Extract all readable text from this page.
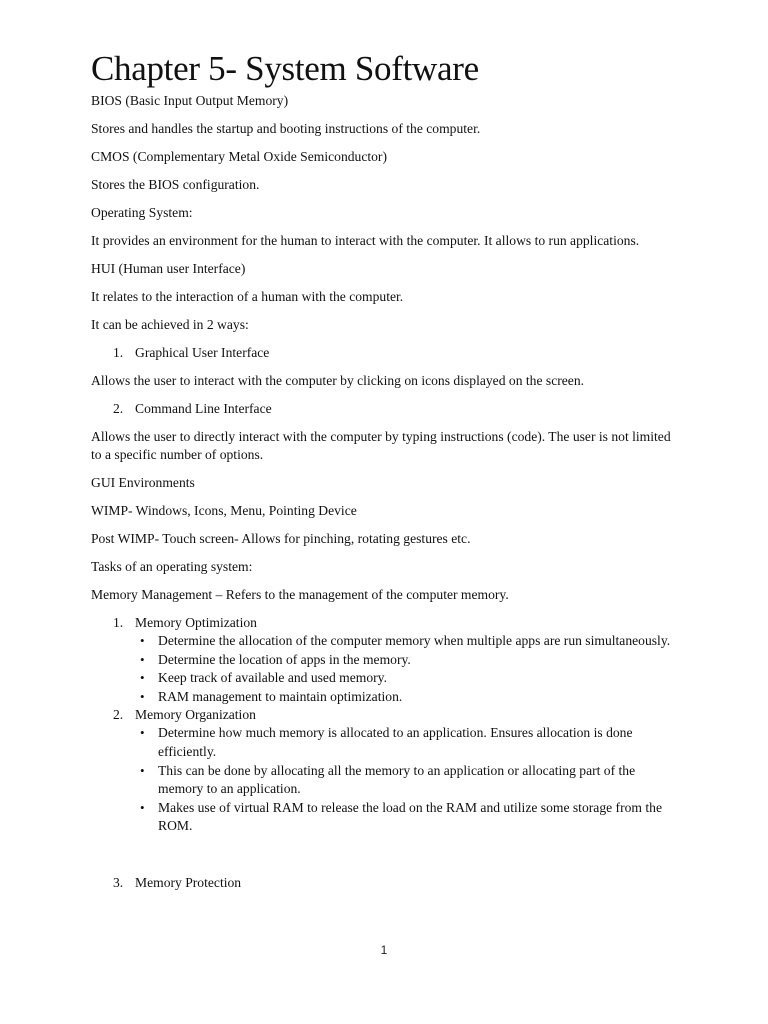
Chapter 5- System Software

BIOS (Basic Input Output Memory)

Stores and handles the startup and booting instructions of the computer.

CMOS (Complementary Metal Oxide Semiconductor)

Stores the BIOS configuration.

Operating System:

It provides an environment for the human to interact with the computer. It allows to run applications.

HUI (Human user Interface)

It relates to the interaction of a human with the computer.

It can be achieved in 2 ways:

1. Graphical User Interface

Allows the user to interact with the computer by clicking on icons displayed on the screen.

2. Command Line Interface

Allows the user to directly interact with the computer by typing instructions (code). The user is not limited to a specific number of options.

GUI Environments

WIMP- Windows, Icons, Menu, Pointing Device

Post WIMP- Touch screen- Allows for pinching, rotating gestures etc.

Tasks of an operating system:

Memory Management – Refers to the management of the computer memory.

1. Memory Optimization
• Determine the allocation of the computer memory when multiple apps are run simultaneously.
• Determine the location of apps in the memory.
• Keep track of available and used memory.
• RAM management to maintain optimization.
2. Memory Organization
• Determine how much memory is allocated to an application. Ensures allocation is done efficiently.
• This can be done by allocating all the memory to an application or allocating part of the memory to an application.
• Makes use of virtual RAM to release the load on the RAM and utilize some storage from the ROM.
3. Memory Protection
1
